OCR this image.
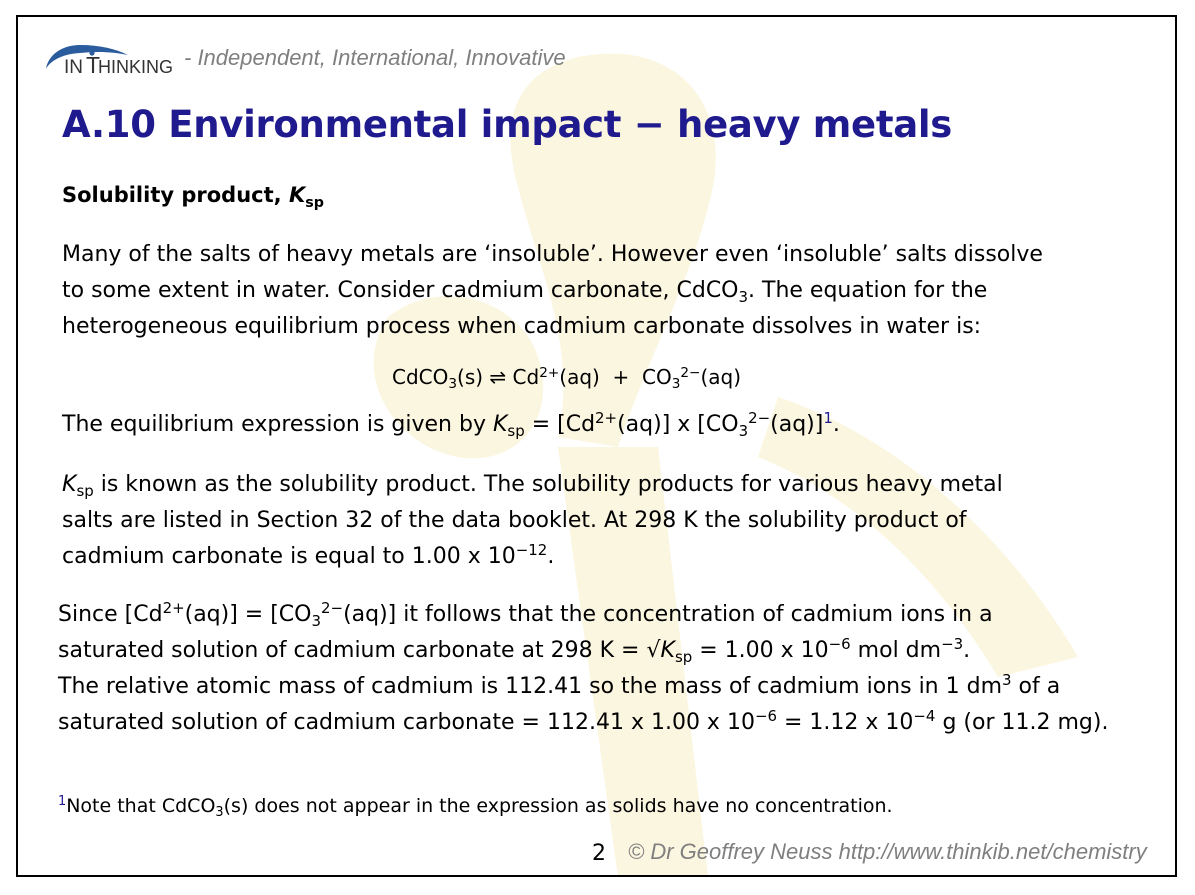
IN T
HINKING - Independent, International, Innovative
A.10 Environmental impact − heavy metals
Solubility product, $K_{sp}$
Many of the salts of heavy metals are ‘insoluble’. However even ‘insoluble’ salts dissolve
to some extent in water. Consider cadmium carbonate, CdCO$_3$. The equation for the
heterogeneous equilibrium process when cadmium carbonate dissolves in water is:
CdCO$_3$(s) ⇌ $Cd^{2+}(aq) + CO_3^{2-}(aq)$
The equilibrium expression is given by $K_{sp} = [Cd^{2+}(aq)]$ x $[CO_3^{2-}(aq)]^1$.
$K_{sp}$ is known as the solubility product. The solubility products for various heavy metal
salts are listed in Section 32 of the data booklet. At 298 K the solubility product of
cadmium carbonate is equal to 1.00 x $10^{-12}$.
Since $[Cd^{2+}(aq)] = [CO_3^{2-}(aq)]$ it follows that the concentration of cadmium ions in a
saturated solution of cadmium carbonate at 298 $K = √K_{sp} = 1.00$ x $10^{-6}$ mol $dm^{-3}$.
The relative atomic mass of cadmium is 112.41 so the mass of cadmium ions in 1 $dm^3$ of a
saturated solution of cadmium carbonate = 112.41 x 1.00 x $10^{-6} = 1.12$ x $10^{-4}$ g (or 11.2 mg).
$^1$Note that CdCO$_3$(s) does not appear in the expression as solids have no concentration.
2 © Dr Geoffrey Neuss http://www.thinkib.net/chemistry
